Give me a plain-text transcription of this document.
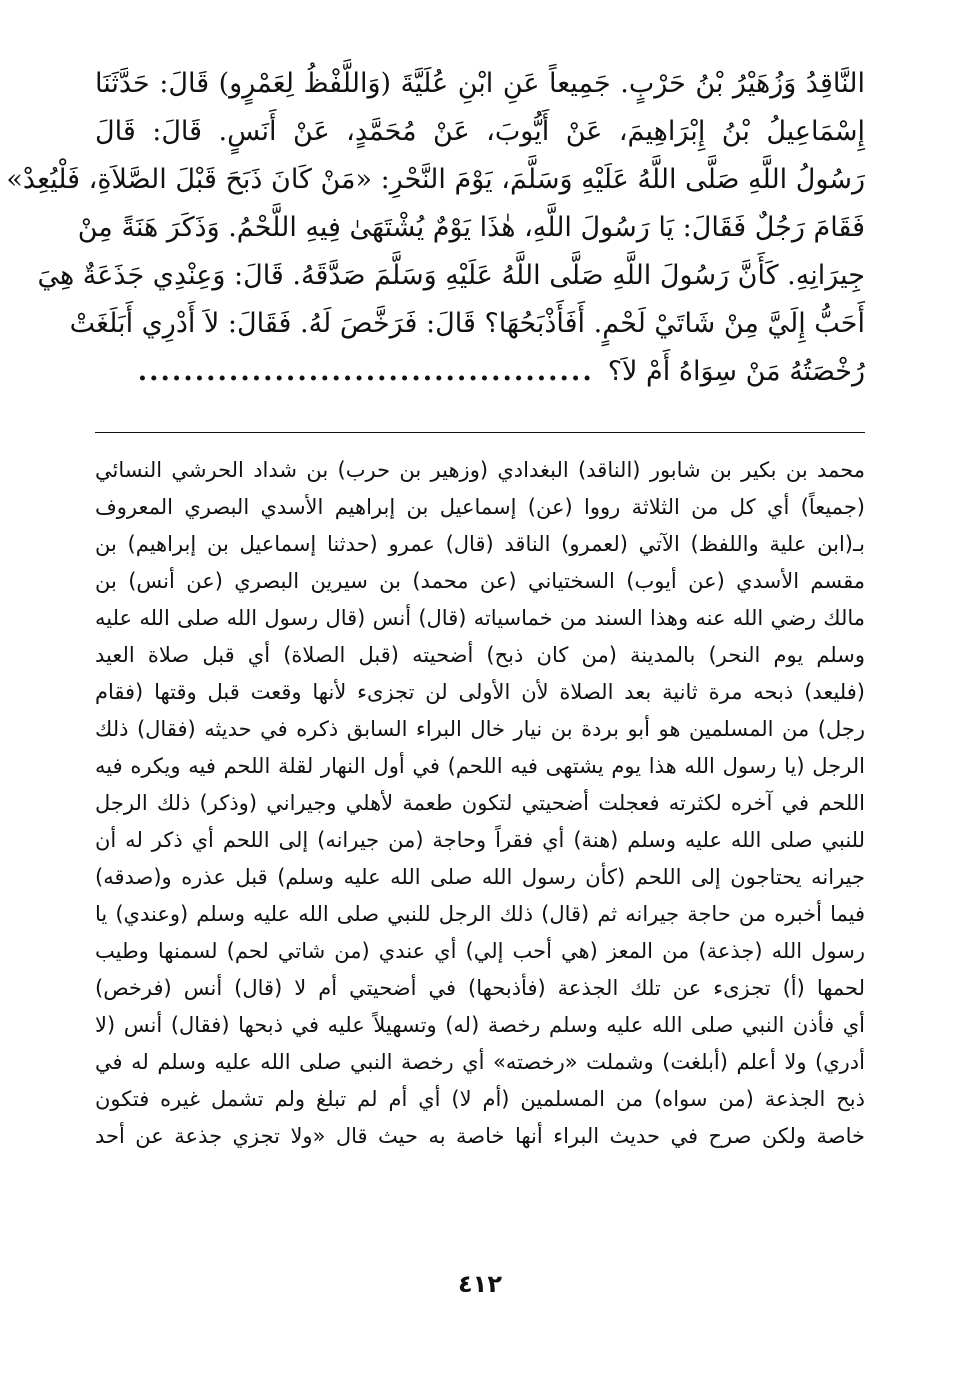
النَّاقِدُ وَزُهَيْرُ بْنُ حَرْبٍ. جَمِيعاً عَنِ ابْنِ عُلَيَّةَ (وَاللَّفْظُ لِعَمْرٍو) قَالَ: حَدَّثَنَا
إِسْمَاعِيلُ بْنُ إِبْرَاهِيمَ، عَنْ أَيُّوبَ، عَنْ مُحَمَّدٍ، عَنْ أَنَسٍ. قَالَ: قَالَ
رَسُولُ اللَّهِ صَلَّى اللَّهُ عَلَيْهِ وَسَلَّمَ، يَوْمَ النَّحْرِ: «مَنْ كَانَ ذَبَحَ قَبْلَ الصَّلاَةِ، فَلْيُعِدْ»
فَقَامَ رَجُلٌ فَقَالَ: يَا رَسُولَ اللَّهِ، هٰذَا يَوْمٌ يُشْتَهَىٰ فِيهِ اللَّحْمُ. وَذَكَرَ هَنَةً مِنْ
جِيرَانِهِ. كَأَنَّ رَسُولَ اللَّهِ صَلَّى اللَّهُ عَلَيْهِ وَسَلَّمَ صَدَّقَهُ. قَالَ: وَعِنْدِي جَذَعَةٌ هِيَ
أَحَبُّ إِلَيَّ مِنْ شَاتَيْ لَحْمٍ. أَفَأَذْبَحُهَا؟ قَالَ: فَرَخَّصَ لَهُ. فَقَالَ: لاَ أَدْرِي أَبَلَغَتْ
رُخْصَتُهُ مَنْ سِوَاهُ أَمْ لاَ؟........................................
محمد بن بكير بن شابور (الناقد) البغدادي (وزهير بن حرب) بن شداد الحرشي النسائي
(جميعاً) أي كل من الثلاثة رووا (عن) إسماعيل بن إبراهيم الأسدي البصري المعروف
بـ(ابن علية واللفظ) الآتي (لعمرو) الناقد (قال) عمرو (حدثنا إسماعيل بن إبراهيم) بن
مقسم الأسدي (عن أيوب) السختياني (عن محمد) بن سيرين البصري (عن أنس) بن
مالك رضي الله عنه وهذا السند من خماسياته (قال) أنس (قال رسول الله صلى الله عليه
وسلم يوم النحر) بالمدينة (من كان ذبح) أضحيته (قبل الصلاة) أي قبل صلاة العيد
(فليعد) ذبحه مرة ثانية بعد الصلاة لأن الأولى لن تجزىء لأنها وقعت قبل وقتها (فقام
رجل) من المسلمين هو أبو بردة بن نيار خال البراء السابق ذكره في حديثه (فقال) ذلك
الرجل (يا رسول الله هذا يوم يشتهى فيه اللحم) في أول النهار لقلة اللحم فيه ويكره فيه
اللحم في آخره لكثرته فعجلت أضحيتي لتكون طعمة لأهلي وجيراني (وذكر) ذلك الرجل
للنبي صلى الله عليه وسلم (هنة) أي فقراً وحاجة (من جيرانه) إلى اللحم أي ذكر له أن
جيرانه يحتاجون إلى اللحم (كأن رسول الله صلى الله عليه وسلم) قبل عذره و(صدقه)
فيما أخبره من حاجة جيرانه ثم (قال) ذلك الرجل للنبي صلى الله عليه وسلم (وعندي) يا
رسول الله (جذعة) من المعز (هي أحب إلي) أي عندي (من شاتي لحم) لسمنها وطيب
لحمها (أ) تجزىء عن تلك الجذعة (فأذبحها) في أضحيتي أم لا (قال) أنس (فرخص)
أي فأذن النبي صلى الله عليه وسلم رخصة (له) وتسهيلاً عليه في ذبحها (فقال) أنس (لا
أدري) ولا أعلم (أبلغت) وشملت «رخصته» أي رخصة النبي صلى الله عليه وسلم له في
ذبح الجذعة (من سواه) من المسلمين (أم لا) أي أم لم تبلغ ولم تشمل غيره فتكون
خاصة ولكن صرح في حديث البراء أنها خاصة به حيث قال «ولا تجزي جذعة عن أحد
٤١٢
